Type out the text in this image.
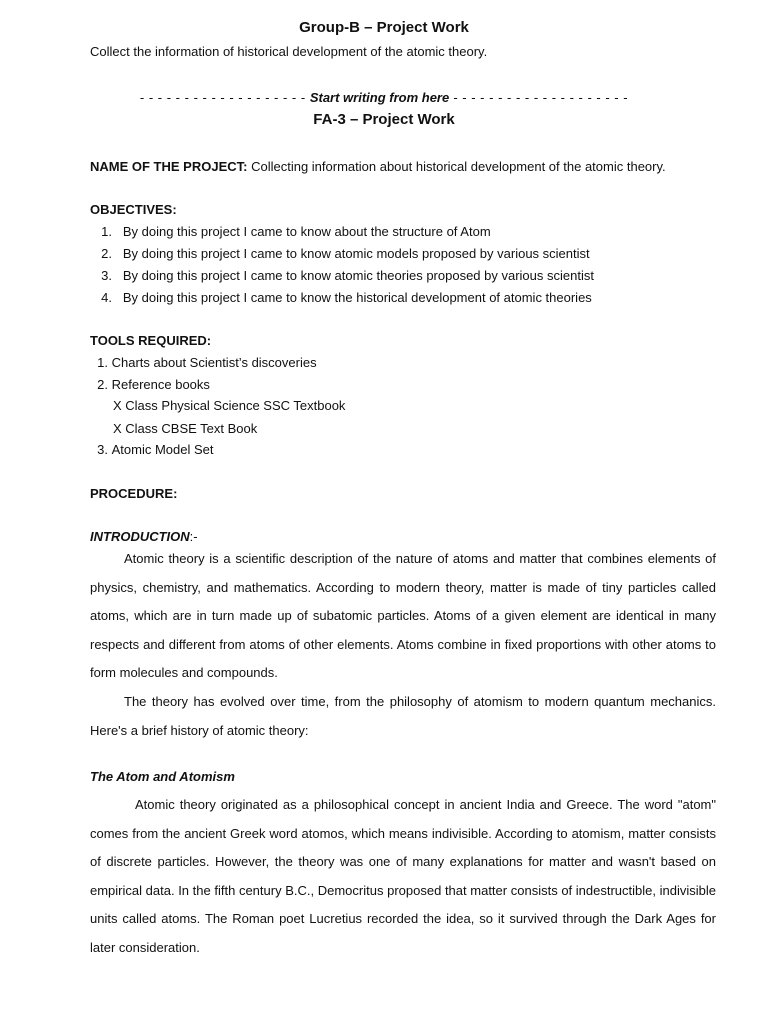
Group-B – Project Work
Collect the information of historical development of the atomic theory.
- - - - - - - - - - - - - - - - - - - Start writing from here - - - - - - - - - - - - - - - - - - - -
FA-3 – Project Work
NAME OF THE PROJECT: Collecting information about historical development of the atomic theory.
OBJECTIVES:
1. By doing this project I came to know about the structure of Atom
2. By doing this project I came to know atomic models proposed by various scientist
3. By doing this project I came to know atomic theories proposed by various scientist
4. By doing this project I came to know the historical development of atomic theories
TOOLS REQUIRED:
1. Charts about Scientist’s discoveries
2. Reference books
X Class Physical Science SSC Textbook
X Class CBSE Text Book
3. Atomic Model Set
PROCEDURE:
INTRODUCTION:-
Atomic theory is a scientific description of the nature of atoms and matter that combines elements of physics, chemistry, and mathematics. According to modern theory, matter is made of tiny particles called atoms, which are in turn made up of subatomic particles. Atoms of a given element are identical in many respects and different from atoms of other elements. Atoms combine in fixed proportions with other atoms to form molecules and compounds.
The theory has evolved over time, from the philosophy of atomism to modern quantum mechanics. Here's a brief history of atomic theory:
The Atom and Atomism
Atomic theory originated as a philosophical concept in ancient India and Greece. The word "atom" comes from the ancient Greek word atomos, which means indivisible. According to atomism, matter consists of discrete particles. However, the theory was one of many explanations for matter and wasn't based on empirical data. In the fifth century B.C., Democritus proposed that matter consists of indestructible, indivisible units called atoms. The Roman poet Lucretius recorded the idea, so it survived through the Dark Ages for later consideration.
